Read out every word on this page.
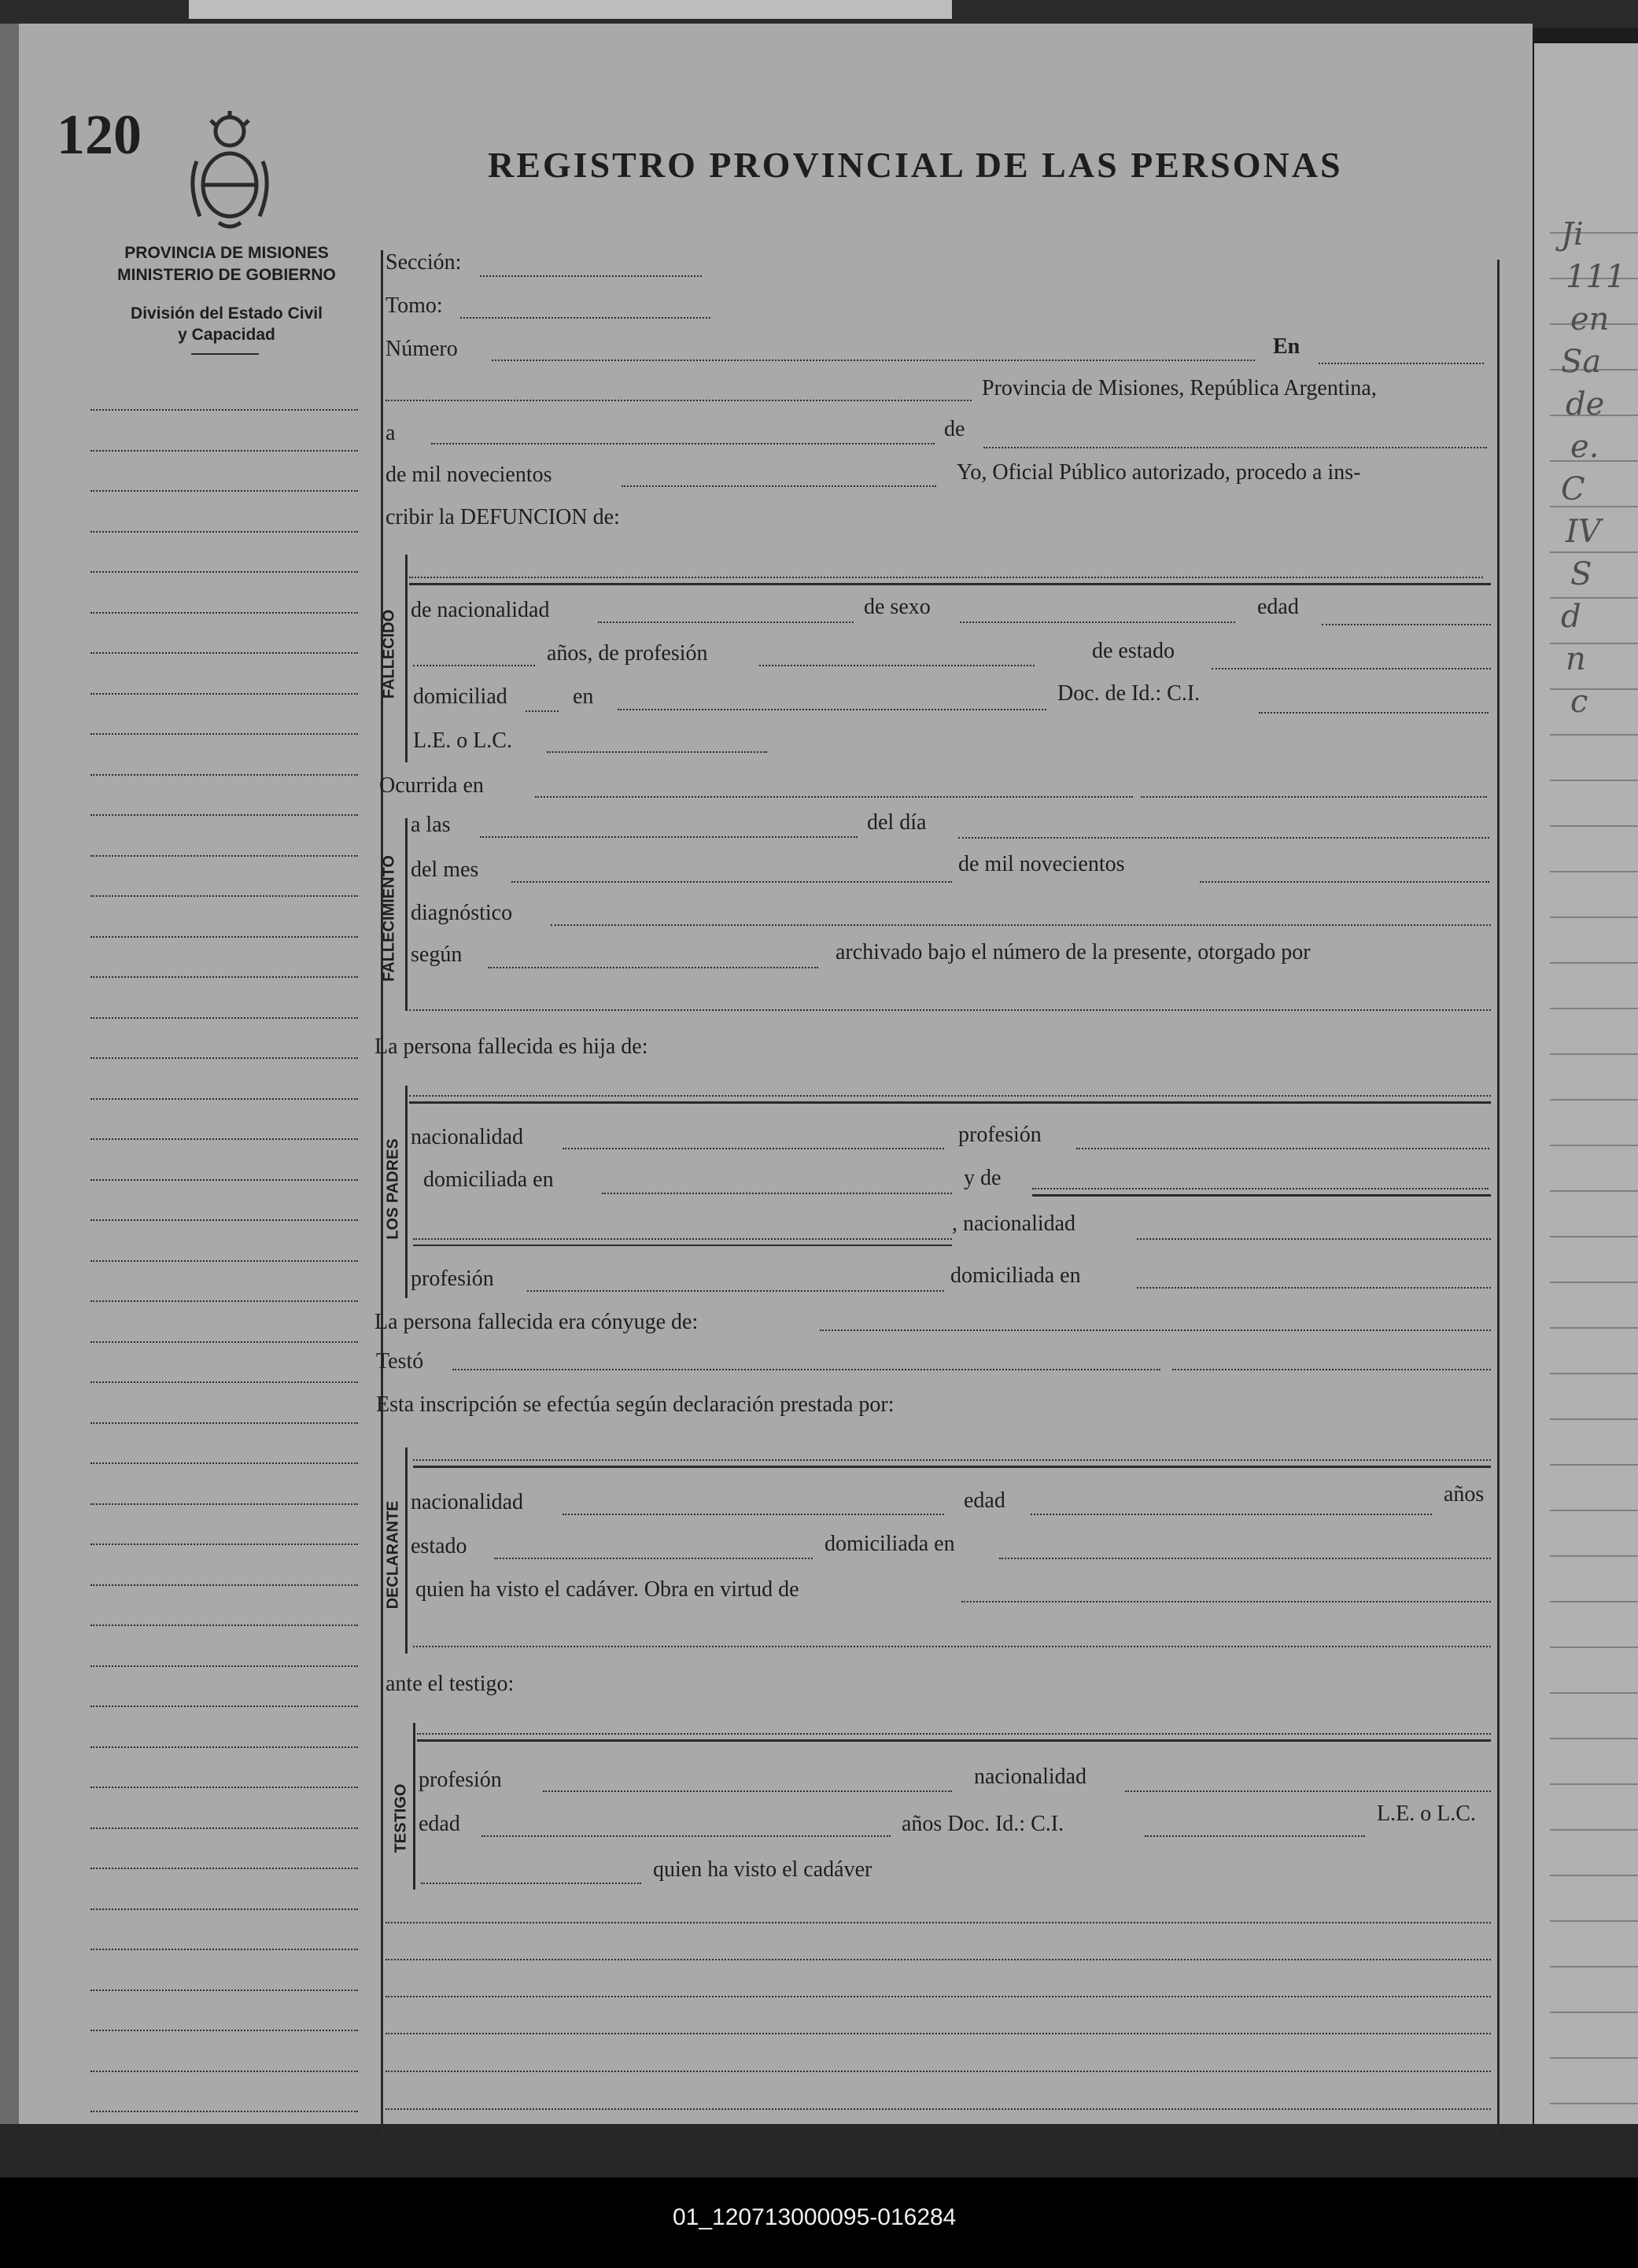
Ji
111
en
Sa
de
e.
C
IV
S
d
n
c
01_120713000095-016284
120	REGISTRO PROVINCIAL DE LAS PERSONAS
PROVINCIA DE MISIONES
MINISTERIO DE GOBIERNO
División del Estado Civil
y Capacidad
Sección:
Tomo:
Número	En
Provincia de Misiones, República Argentina,
a	de
de mil novecientos	Yo, Oficial Público autorizado, procedo a ins-
cribir la DEFUNCION de:
FALLECIDO de nacionalidad	de sexo	edad
años, de profesión	de estado
domiciliad	en	Doc. de Id.: C.I.
L.E. o L.C.
Ocurrida en
FALLECIMIENTO
a las	del día
del mes	de mil novecientos
diagnóstico
según	archivado bajo el número de la presente, otorgado por
La persona fallecida es hija de:
LOS PADRES
nacionalidad	profesión
domiciliada en	y de
, nacionalidad
profesión	domiciliada en
La persona fallecida era cónyuge de:
Testó
Esta inscripción se efectúa según declaración prestada por:
DECLARANTE nacionalidad	edad	años
estado	domiciliada en
quien ha visto el cadáver. Obra en virtud de
ante el testigo:
TESTIGO
profesión	nacionalidad
edad	años Doc. Id.: C.I.	L.E. o L.C.
quien ha visto el cadáver
